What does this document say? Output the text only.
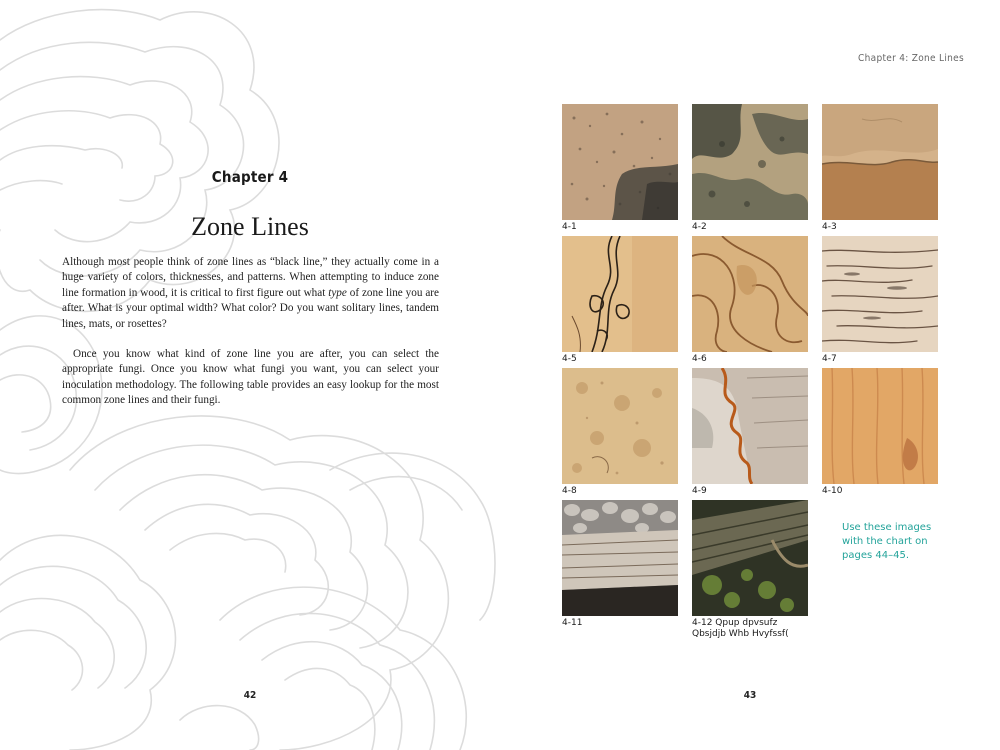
Chapter 4
Zone Lines

Although most people think of zone lines as “black line,” they actually come in a huge variety of colors, thicknesses, and patterns. When attempting to induce zone line formation in wood, it is critical to first figure out what type of zone line you are after. What is your optimal width? What color? Do you want solitary lines, tandem lines, mats, or rosettes?

Once you know what kind of zone line you are after, you can select the appropriate fungi. Once you know what fungi you want, you can select your inoculation methodology. The following table provides an easy lookup for the most common zone lines and their fungi.

42
Chapter 4: Zone Lines
4-1	4-2	4-3
4-5	4-6	4-7
4-8	4-9	4-10
4-11	4-12 Qpup dpvsufz Qbsjdjb Whb Hvyfssf(
Use these images with the chart on pages 44–45.
43
